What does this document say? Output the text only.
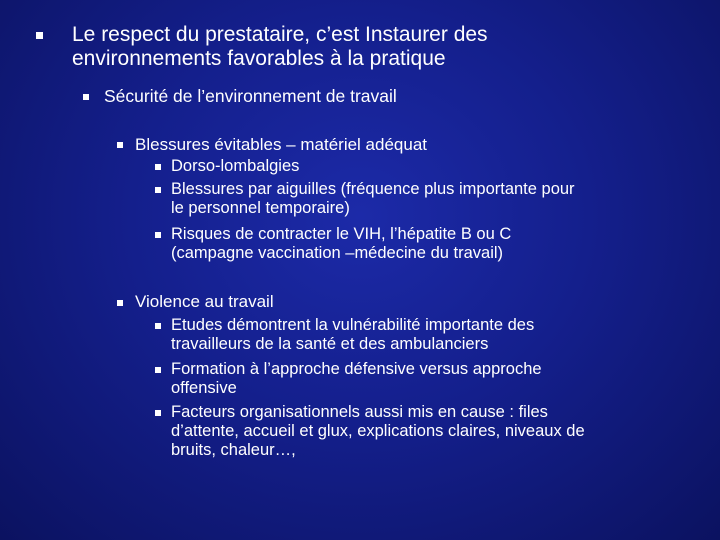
Le respect du prestataire, c’est Instaurer des
environnements favorables à la pratique
Sécurité de l’environnement de travail
Blessures évitables – matériel adéquat
Dorso-lombalgies
Blessures par aiguilles (fréquence plus importante pour
le personnel temporaire)
Risques de contracter le VIH, l’hépatite B ou C
(campagne vaccination –médecine du travail)
Violence au travail
Etudes démontrent la vulnérabilité importante des
travailleurs de la santé et des ambulanciers
Formation à l’approche défensive versus approche
offensive
Facteurs organisationnels aussi mis en cause : files
d’attente, accueil et glux, explications claires, niveaux de
bruits, chaleur…,
